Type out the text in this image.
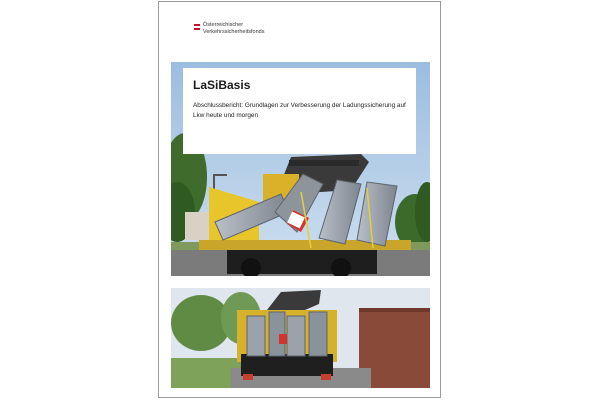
Österreichischer
Verkehrssicherheitsfonds
LaSiBasis
Abschlussbericht: Grundlagen zur Verbesserung der Ladungssicherung auf Lkw heute und morgen
